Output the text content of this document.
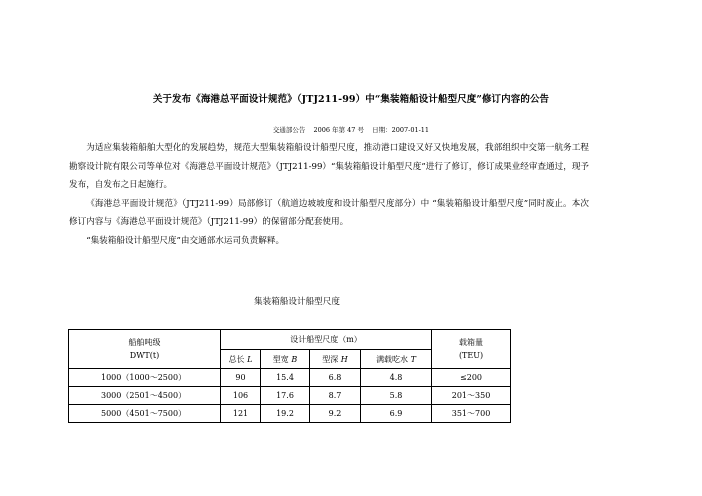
关于发布《海港总平面设计规范》（JTJ211-99）中“集装箱船设计船型尺度”修订内容的公告
交通部公告 2006 年第 47 号 日期：2007-01-11

为适应集装箱船舶大型化的发展趋势，规范大型集装箱船设计船型尺度，推动港口建设又好又快地发展，我部组织中交第一航务工程勘察设计院有限公司等单位对《海港总平面设计规范》（JTJ211-99）“集装箱船设计船型尺度”进行了修订，修订成果业经审查通过，现予发布，自发布之日起施行。

《海港总平面设计规范》（JTJ211-99）局部修订（航道边坡坡度和设计船型尺度部分）中 “集装箱船设计船型尺度”同时废止。本次修订内容与《海港总平面设计规范》（JTJ211-99）的保留部分配套使用。

“集装箱船设计船型尺度”由交通部水运司负责解释。

集装箱船设计船型尺度
船舶吨级
DWT(t)	设计船型尺度（m）				载箱量
(TEU)

	总长 L	型宽 B	型深 H	满载吃水 T	
1000（1000～2500）	90	15.4	6.8	4.8	≤200
3000（2501～4500）	106	17.6	8.7	5.8	201～350
5000（4501～7500）	121	19.2	9.2	6.9	351～700
